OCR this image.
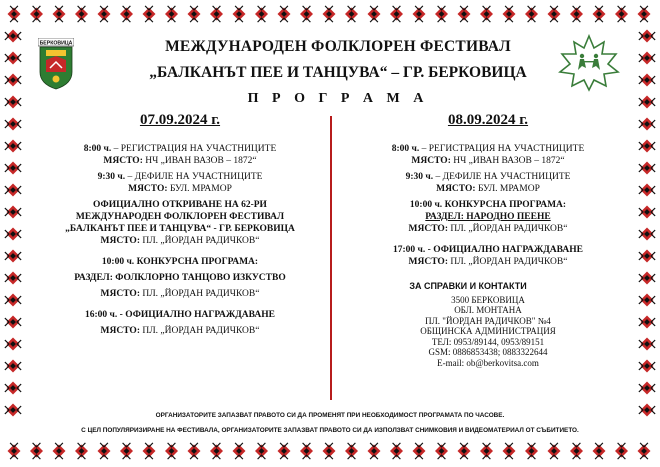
БЕРКОВИЦА	МЕЖДУНАРОДЕН ФОЛКЛОРЕН ФЕСТИВАЛ
„БАЛКАНЪТ ПЕЕ И ТАНЦУВА“ – ГР. БЕРКОВИЦА
П Р О Г Р А М А
07.09.2024 г.
8:00 ч. – РЕГИСТРАЦИЯ НА УЧАСТНИЦИТЕ
МЯСТО: НЧ „ИВАН ВАЗОВ – 1872“
9:30 ч. – ДЕФИЛЕ НА УЧАСТНИЦИТЕ
МЯСТО: БУЛ. МРАМОР
ОФИЦИАЛНО ОТКРИВАНЕ НА 62-РИ
МЕЖДУНАРОДЕН ФОЛКЛОРЕН ФЕСТИВАЛ
„БАЛКАНЪТ ПЕЕ И ТАНЦУВА“ - ГР. БЕРКОВИЦА
МЯСТО: ПЛ. „ЙОРДАН РАДИЧКОВ“
10:00 ч. КОНКУРСНА ПРОГРАМА:
РАЗДЕЛ: ФОЛКЛОРНО ТАНЦОВО ИЗКУСТВО
МЯСТО: ПЛ. „ЙОРДАН РАДИЧКОВ“
16:00 ч. - ОФИЦИАЛНО НАГРАЖДАВАНЕ
МЯСТО: ПЛ. „ЙОРДАН РАДИЧКОВ“
08.09.2024 г.
8:00 ч. – РЕГИСТРАЦИЯ НА УЧАСТНИЦИТЕ
МЯСТО: НЧ „ИВАН ВАЗОВ – 1872“
9:30 ч. – ДЕФИЛЕ НА УЧАСТНИЦИТЕ
МЯСТО: БУЛ. МРАМОР
10:00 ч. КОНКУРСНА ПРОГРАМА:
РАЗДЕЛ: НАРОДНО ПЕЕНЕ
МЯСТО: ПЛ. „ЙОРДАН РАДИЧКОВ“
17:00 ч. - ОФИЦИАЛНО НАГРАЖДАВАНЕ
МЯСТО: ПЛ. „ЙОРДАН РАДИЧКОВ“
ЗА СПРАВКИ И КОНТАКТИ
3500 БЕРКОВИЦА
ОБЛ. МОНТАНА
ПЛ. "ЙОРДАН РАДИЧКОВ" №4
ОБЩИНСКА АДМИНИСТРАЦИЯ
ТЕЛ: 0953/89144, 0953/89151
GSM: 0886853438; 0883322644
E-mail: ob@berkovitsa.com
ОРГАНИЗАТОРИТЕ ЗАПАЗВАТ ПРАВОТО СИ ДА ПРОМЕНЯТ ПРИ НЕОБХОДИМОСТ ПРОГРАМАТА ПО ЧАСОВЕ.
С ЦЕЛ ПОПУЛЯРИЗИРАНЕ НА ФЕСТИВАЛА, ОРГАНИЗАТОРИТЕ ЗАПАЗВАТ ПРАВОТО СИ ДА ИЗПОЛЗВАТ СНИМКОВИЯ И ВИДЕОМАТЕРИАЛ ОТ СЪБИТИЕТО.
